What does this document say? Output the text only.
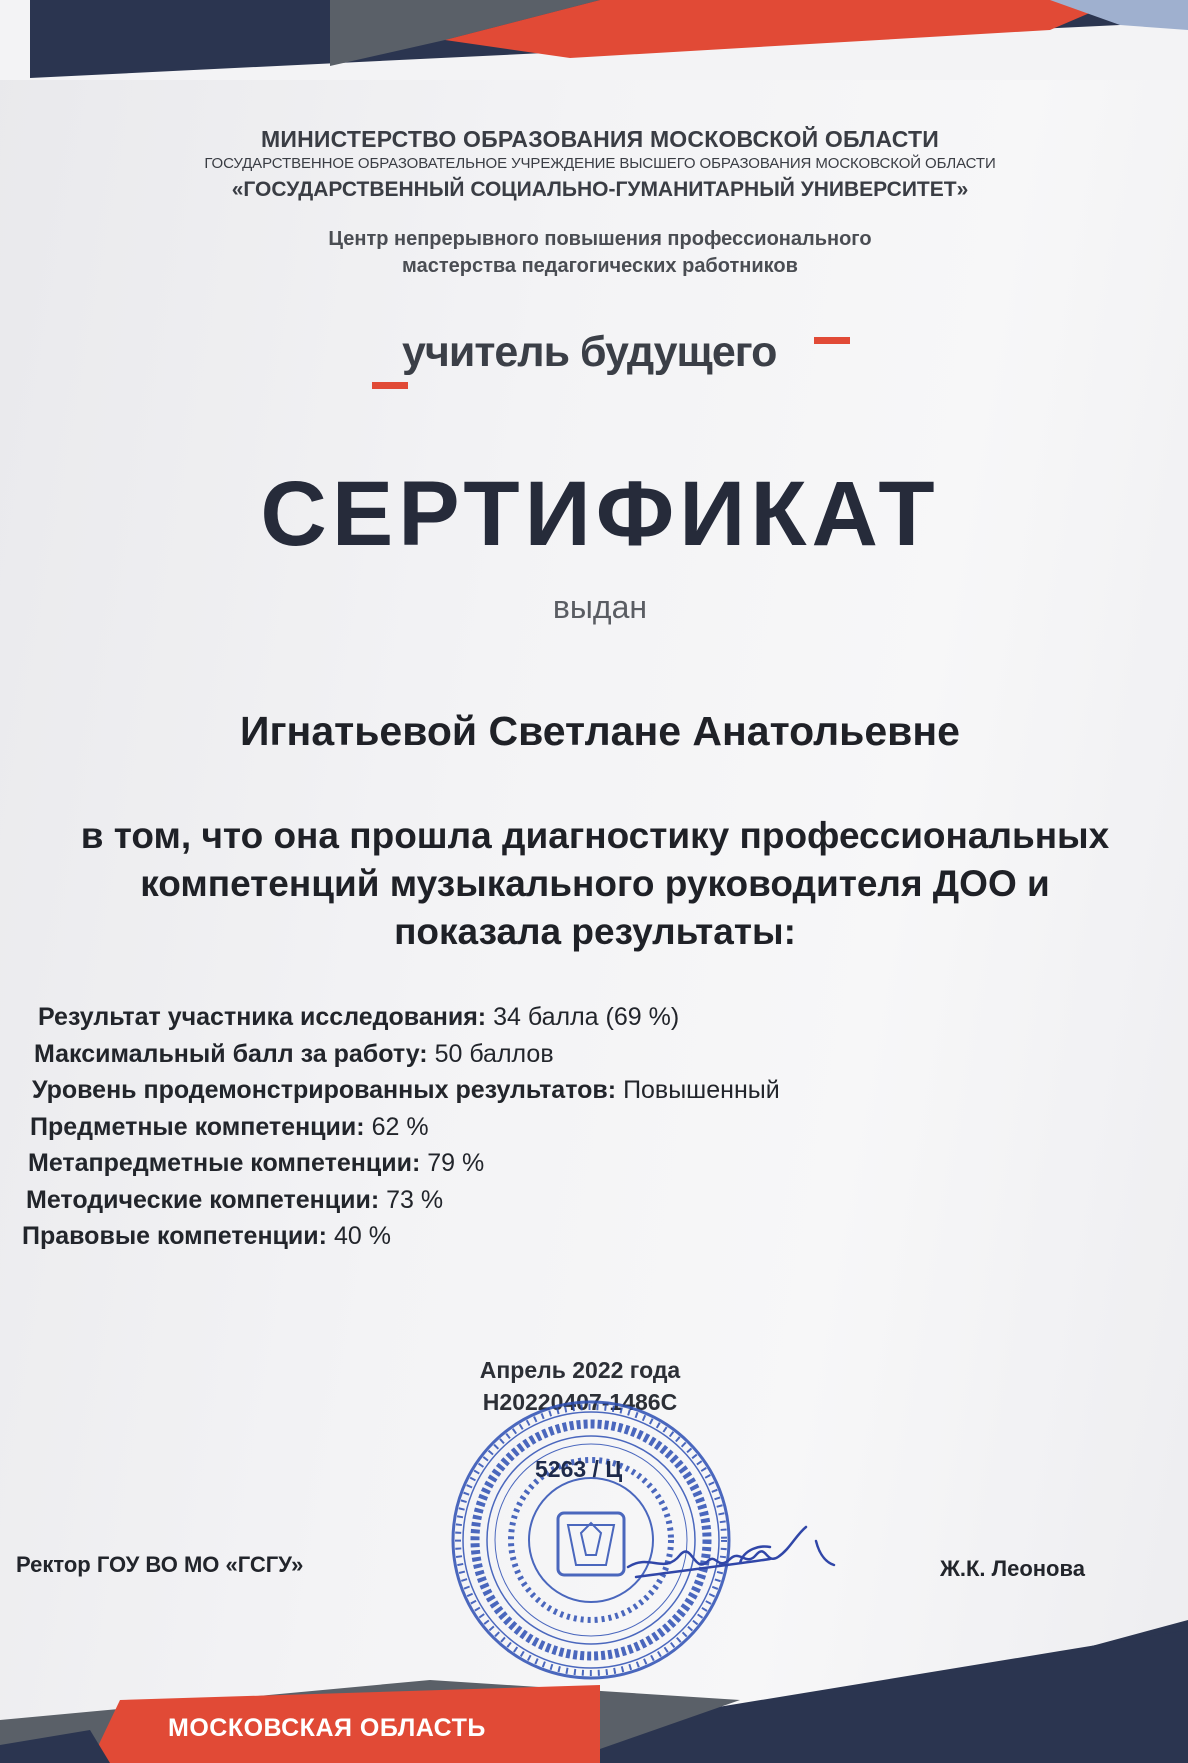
МИНИСТЕРСТВО ОБРАЗОВАНИЯ МОСКОВСКОЙ ОБЛАСТИ
ГОСУДАРСТВЕННОЕ ОБРАЗОВАТЕЛЬНОЕ УЧРЕЖДЕНИЕ ВЫСШЕГО ОБРАЗОВАНИЯ МОСКОВСКОЙ ОБЛАСТИ
«ГОСУДАРСТВЕННЫЙ СОЦИАЛЬНО-ГУМАНИТАРНЫЙ УНИВЕРСИТЕТ»
Центр непрерывного повышения профессионального
мастерства педагогических работников
учитель будущего
СЕРТИФИКАТ
выдан
Игнатьевой Светлане Анатольевне
в том, что она прошла диагностику профессиональных
компетенций музыкального руководителя ДОО и
показала результаты:
Результат участника исследования: 34 балла (69 %)
Максимальный балл за работу: 50 баллов
Уровень продемонстрированных результатов: Повышенный
Предметные компетенции: 62 %
Метапредметные компетенции: 79 %
Методические компетенции: 73 %
Правовые компетенции: 40 %
Апрель 2022 года
Н20220407-1486С
5263 / Ц
Ректор ГОУ ВО МО «ГСГУ»	Ж.К. Леонова
МОСКОВСКАЯ ОБЛАСТЬ
